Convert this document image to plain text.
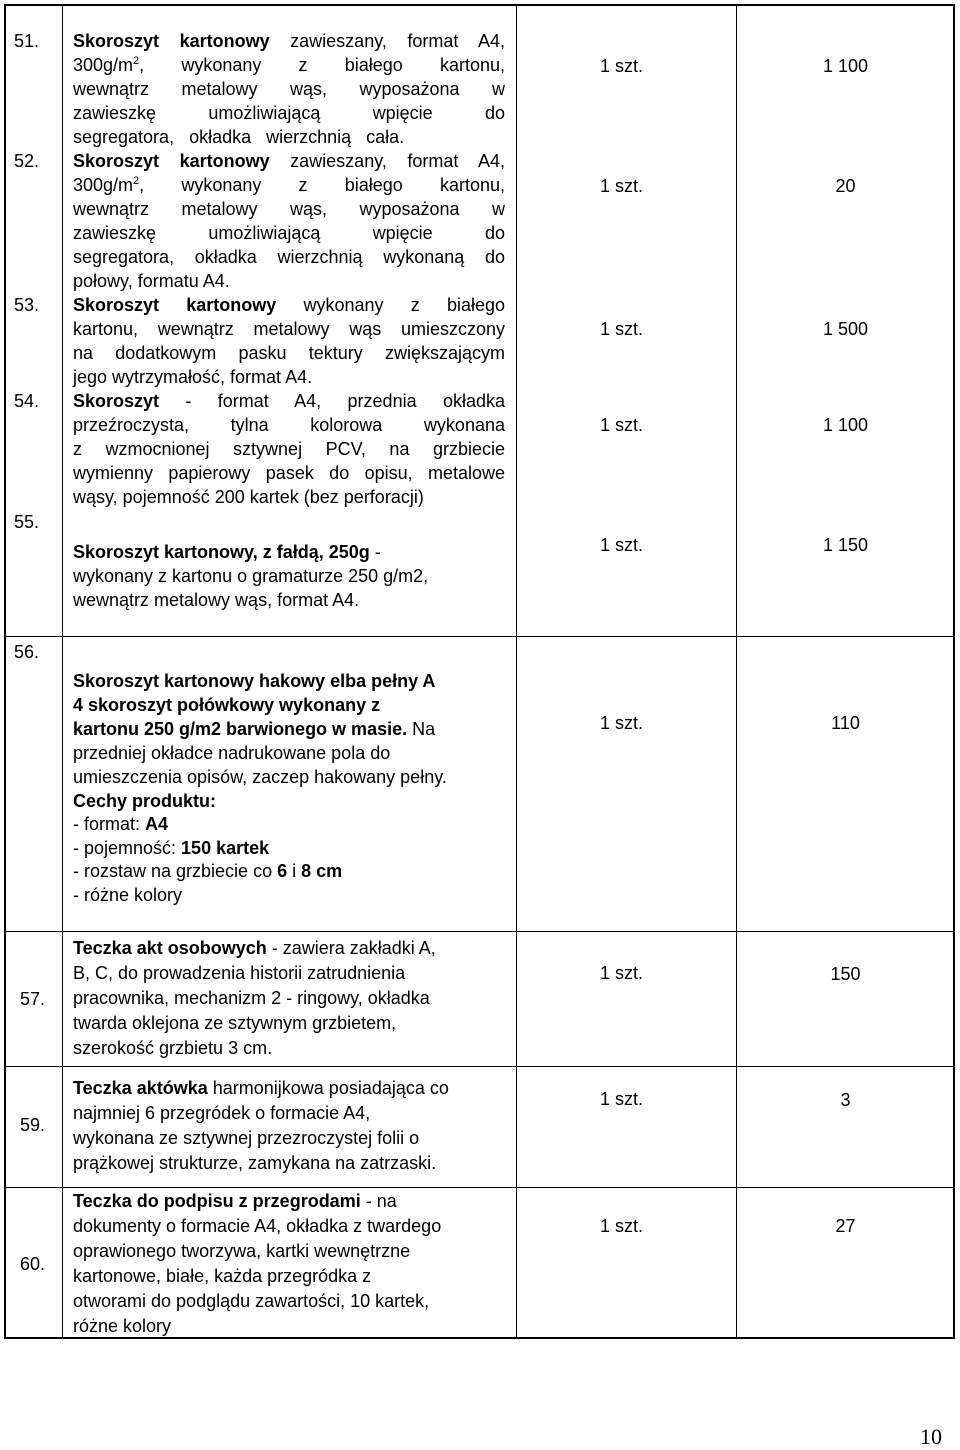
51. Skoroszyt kartonowy zawieszany, format A4,
$300g/m^2$, wykonany z białego kartonu,
wewnątrz metalowy wąs, wyposażona w
zawieszkę umożliwiającą wpięcie do
segregatora, okładka wierzchnią cała.
1 szt.	1 100
52. Skoroszyt kartonowy zawieszany, format A4,
$300g/m^2$, wykonany z białego kartonu,
wewnątrz metalowy wąs, wyposażona w
zawieszkę umożliwiającą wpięcie do
segregatora, okładka wierzchnią wykonaną do
połowy, formatu A4.
1 szt.	20
53. Skoroszyt kartonowy wykonany z białego
kartonu, wewnątrz metalowy wąs umieszczony
na dodatkowym pasku tektury zwiększającym
jego wytrzymałość, format A4.
1 szt.	1 500
54. Skoroszyt - format A4, przednia okładka
przeźroczysta, tylna kolorowa wykonana
z wzmocnionej sztywnej PCV, na grzbiecie
wymienny papierowy pasek do opisu, metalowe
wąsy, pojemność 200 kartek (bez perforacji)
1 szt.	1 100
55.
Skoroszyt kartonowy, z fałdą, 250g -
wykonany z kartonu o gramaturze 250 g/m2,
wewnątrz metalowy wąs, format A4.
1 szt.	1 150
56.
Skoroszyt kartonowy hakowy elba pełny A
4 skoroszyt połówkowy wykonany z
kartonu 250 g/m2 barwionego w masie. Na
przedniej okładce nadrukowane pola do
umieszczenia opisów, zaczep hakowany pełny.
Cechy produktu:
- format: A4
- pojemność: 150 kartek
- rozstaw na grzbiecie co 6 i 8 cm
- różne kolory
1 szt.	110
57.
Teczka akt osobowych - zawiera zakładki A,
B, C, do prowadzenia historii zatrudnienia
pracownika, mechanizm 2 - ringowy, okładka
twarda oklejona ze sztywnym grzbietem,
szerokość grzbietu 3 cm.
1 szt.	150
59.
Teczka aktówka harmonijkowa posiadająca co
najmniej 6 przegródek o formacie A4,
wykonana ze sztywnej przezroczystej folii o
prążkowej strukturze, zamykana na zatrzaski.
1 szt.	3
60.
Teczka do podpisu z przegrodami - na
dokumenty o formacie A4, okładka z twardego
oprawionego tworzywa, kartki wewnętrzne
kartonowe, białe, każda przegródka z
otworami do podglądu zawartości, 10 kartek,
różne kolory
1 szt.	27
10
